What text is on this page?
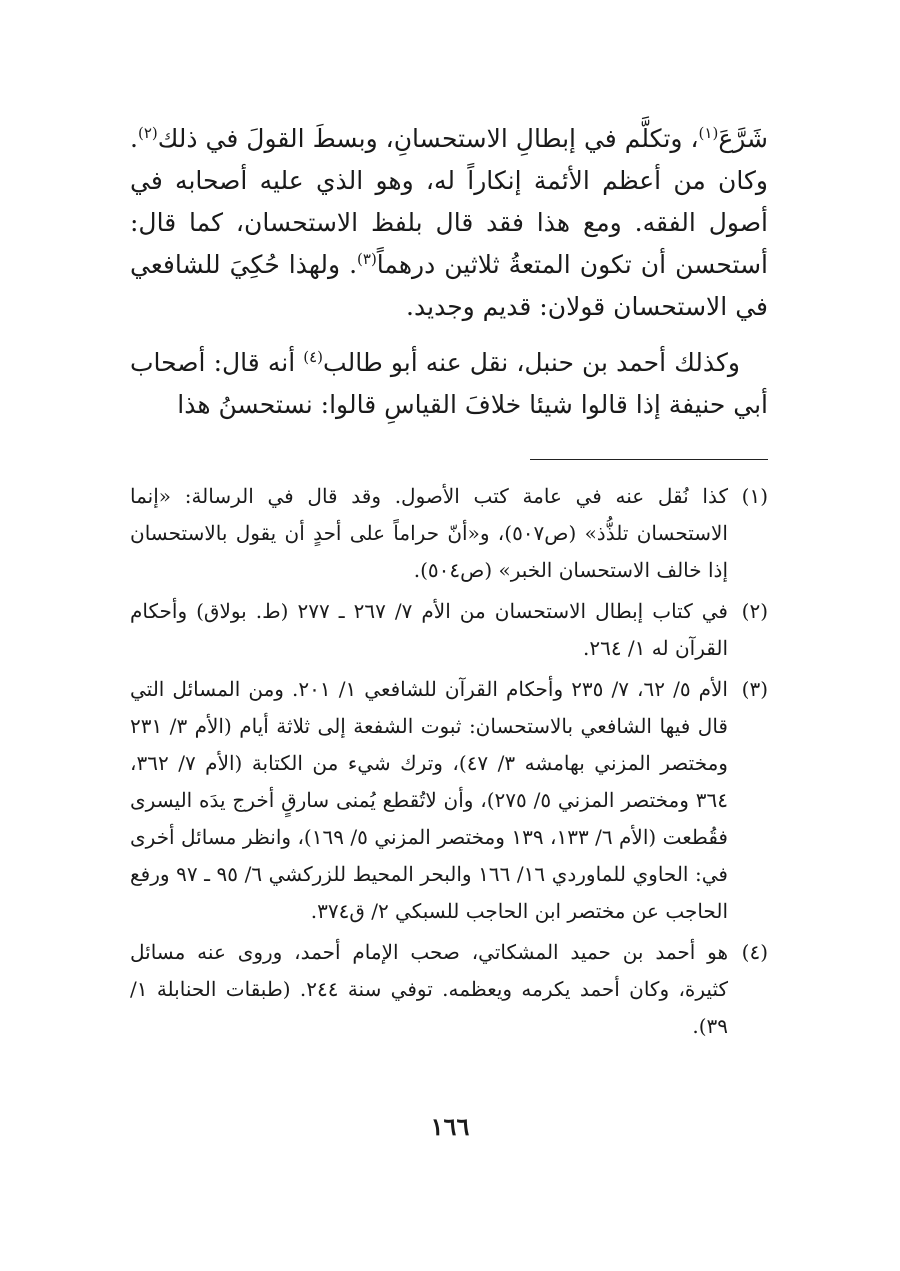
شَرَّعَ$^{(١)}$، وتكلَّم في إبطالِ الاستحسانِ، وبسطَ القولَ في ذلك$^{(٢)}$. وكان من أعظم الأئمة إنكاراً له، وهو الذي عليه أصحابه في أصول الفقه. ومع هذا فقد قال بلفظ الاستحسان، كما قال: أستحسن أن تكون المتعةُ ثلاثين درهماً$^{(٣)}$. ولهذا حُكِيَ للشافعي في الاستحسان قولان: قديم وجديد.

وكذلك أحمد بن حنبل، نقل عنه أبو طالب$^{(٤)}$ أنه قال: أصحاب أبي حنيفة إذا قالوا شيئا خلافَ القياسِ قالوا: نستحسنُ هذا

(١)
كذا نُقل عنه في عامة كتب الأصول. وقد قال في الرسالة: «إنما الاستحسان تلذُّذ» (ص٥٠٧)، و«أنّ حراماً على أحدٍ أن يقول بالاستحسان إذا خالف الاستحسان الخبر» (ص٥٠٤).
(٢)
في كتاب إبطال الاستحسان من الأم ٧/ ٢٦٧ ـ ٢٧٧ (ط. بولاق) وأحكام القرآن له ١/ ٢٦٤.
(٣)
الأم ٥/ ٦٢، ٧/ ٢٣٥ وأحكام القرآن للشافعي ١/ ٢٠١. ومن المسائل التي قال فيها الشافعي بالاستحسان: ثبوت الشفعة إلى ثلاثة أيام (الأم ٣/ ٢٣١ ومختصر المزني بهامشه ٣/ ٤٧)، وترك شيء من الكتابة (الأم ٧/ ٣٦٢، ٣٦٤ ومختصر المزني ٥/ ٢٧٥)، وأن لاتُقطع يُمنى سارقٍ أخرج يدَه اليسرى فقُطعت (الأم ٦/ ١٣٣، ١٣٩ ومختصر المزني ٥/ ١٦٩)، وانظر مسائل أخرى في: الحاوي للماوردي ١٦/ ١٦٦ والبحر المحيط للزركشي ٦/ ٩٥ ـ ٩٧ ورفع الحاجب عن مختصر ابن الحاجب للسبكي ٢/ ق٣٧٤.
(٤)
هو أحمد بن حميد المشكاتي، صحب الإمام أحمد، وروى عنه مسائل كثيرة، وكان أحمد يكرمه ويعظمه. توفي سنة ٢٤٤. (طبقات الحنابلة ١/ ٣٩).
١٦٦
